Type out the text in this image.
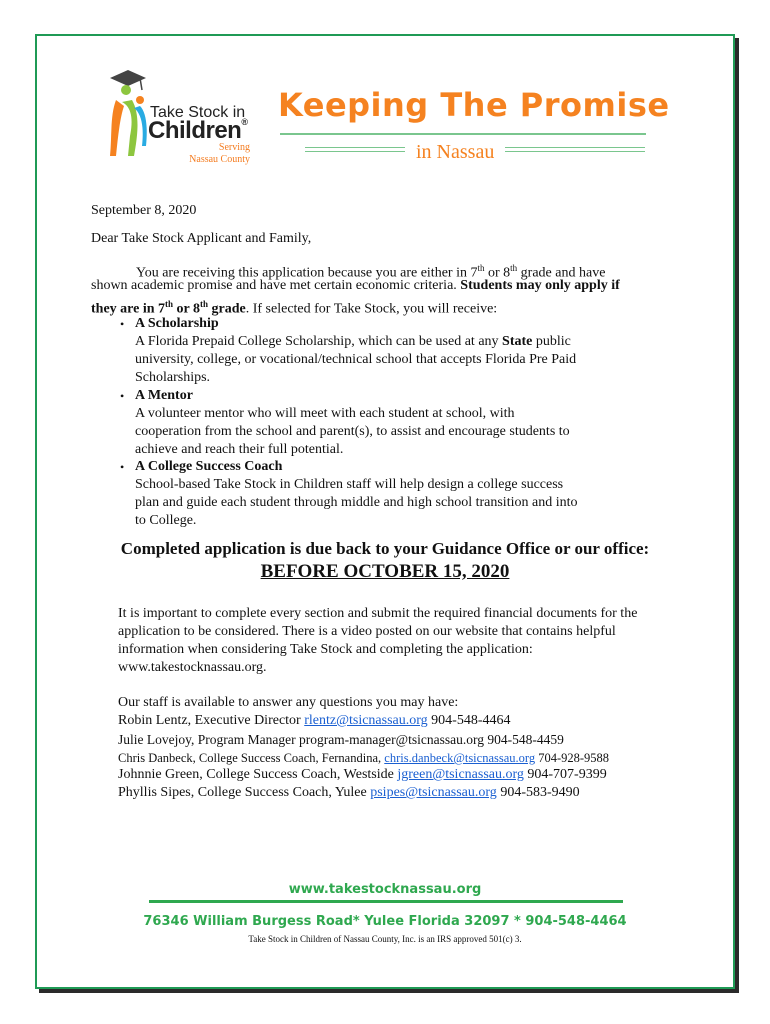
Take Stock in
Children®
Serving
Nassau County
Keeping The Promise
in Nassau
September 8, 2020
Dear Take Stock Applicant and Family,
You are receiving this application because you are either in 7th or 8th grade and have
shown academic promise and have met certain economic criteria. Students may only apply if
they are in 7th or 8th grade. If selected for Take Stock, you will receive:
• A Scholarship
A Florida Prepaid College Scholarship, which can be used at any State public
university, college, or vocational/technical school that accepts Florida Pre Paid
Scholarships.
• A Mentor
A volunteer mentor who will meet with each student at school, with
cooperation from the school and parent(s), to assist and encourage students to
achieve and reach their full potential.
• A College Success Coach
School-based Take Stock in Children staff will help design a college success
plan and guide each student through middle and high school transition and into
to College.
Completed application is due back to your Guidance Office or our office:
BEFORE OCTOBER 15, 2020
It is important to complete every section and submit the required financial documents for the
application to be considered. There is a video posted on our website that contains helpful
information when considering Take Stock and completing the application:
www.takestocknassau.org.
Our staff is available to answer any questions you may have:
Robin Lentz, Executive Director rlentz@tsicnassau.org 904-548-4464
Julie Lovejoy, Program Manager program-manager@tsicnassau.org 904-548-4459
Chris Danbeck, College Success Coach, Fernandina, chris.danbeck@tsicnassau.org 704-928-9588
Johnnie Green, College Success Coach, Westside jgreen@tsicnassau.org 904-707-9399
Phyllis Sipes, College Success Coach, Yulee psipes@tsicnassau.org 904-583-9490
www.takestocknassau.org
76346 William Burgess Road* Yulee Florida 32097 * 904-548-4464
Take Stock in Children of Nassau County, Inc. is an IRS approved 501(c) 3.
